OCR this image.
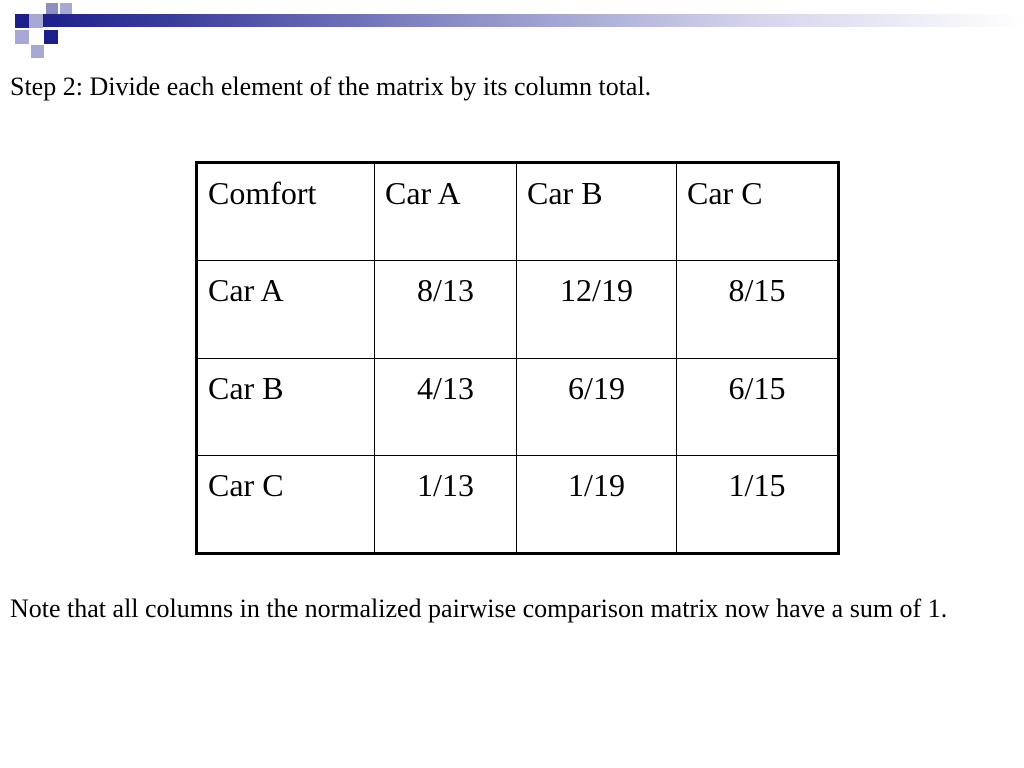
Step 2: Divide each element of the matrix by its column total.
Comfort	Car A	Car B	Car C
Car A	8/13	12/19	8/15
Car B	4/13	6/19	6/15
Car C	1/13	1/19	1/15
Note that all columns in the normalized pairwise comparison matrix now have a sum of 1.
